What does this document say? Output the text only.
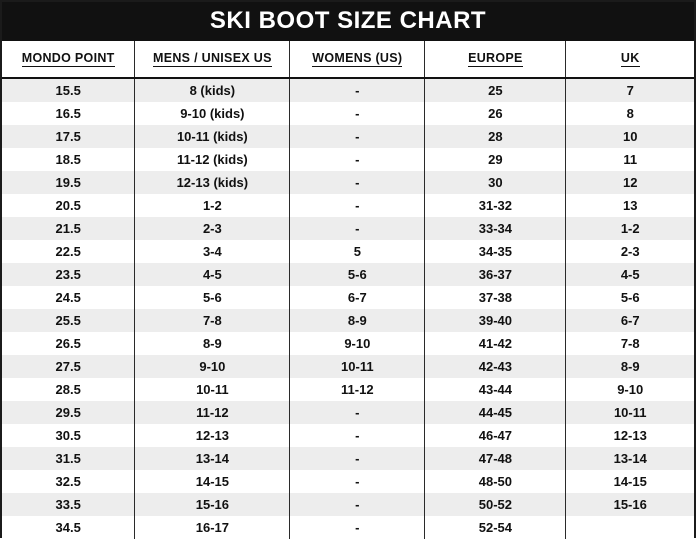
SKI BOOT SIZE CHART
MONDO POINT	MENS / UNISEX US	WOMENS (US)	EUROPE	UK
15.5	8 (kids)	-	25	7
16.5	9-10 (kids)	-	26	8
17.5	10-11 (kids)	-	28	10
18.5	11-12 (kids)	-	29	11
19.5	12-13 (kids)	-	30	12
20.5	1-2	-	31-32	13
21.5	2-3	-	33-34	1-2
22.5	3-4	5	34-35	2-3
23.5	4-5	5-6	36-37	4-5
24.5	5-6	6-7	37-38	5-6
25.5	7-8	8-9	39-40	6-7
26.5	8-9	9-10	41-42	7-8
27.5	9-10	10-11	42-43	8-9
28.5	10-11	11-12	43-44	9-10
29.5	11-12	-	44-45	10-11
30.5	12-13	-	46-47	12-13
31.5	13-14	-	47-48	13-14
32.5	14-15	-	48-50	14-15
33.5	15-16	-	50-52	15-16
34.5	16-17	-	52-54	
